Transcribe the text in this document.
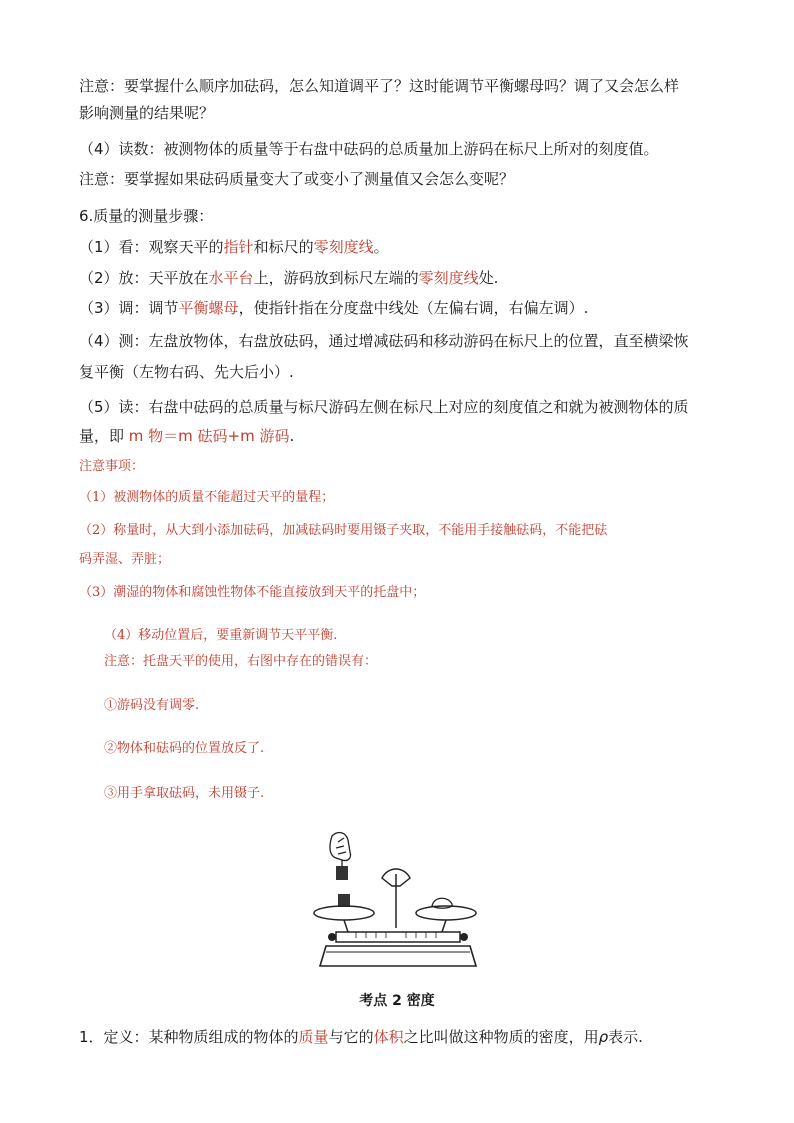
注意：要掌握什么顺序加砝码，怎么知道调平了？这时能调节平衡螺母吗？调了又会怎么样
影响测量的结果呢？
（4）读数：被测物体的质量等于右盘中砝码的总质量加上游码在标尺上所对的刻度值。
注意：要掌握如果砝码质量变大了或变小了测量值又会怎么变呢？
6.质量的测量步骤：
（1）看：观察天平的指针和标尺的零刻度线。
（2）放：天平放在水平台上，游码放到标尺左端的零刻度线处.
（3）调：调节平衡螺母，使指针指在分度盘中线处（左偏右调，右偏左调）.
（4）测：左盘放物体，右盘放砝码，通过增减砝码和移动游码在标尺上的位置，直至横梁恢
复平衡（左物右码、先大后小）.
（5）读：右盘中砝码的总质量与标尺游码左侧在标尺上对应的刻度值之和就为被测物体的质
量，即 m 物＝m 砝码+m 游码.
注意事项：
（1）被测物体的质量不能超过天平的量程；
（2）称量时，从大到小添加砝码，加减砝码时要用镊子夹取，不能用手接触砝码，不能把砝
码弄湿、弄脏；
（3）潮湿的物体和腐蚀性物体不能直接放到天平的托盘中；
（4）移动位置后，要重新调节天平平衡.
注意：托盘天平的使用，右图中存在的错误有：
①游码没有调零.
②物体和砝码的位置放反了.
③用手拿取砝码，未用镊子.
考点 2 密度
1．定义：某种物质组成的物体的质量与它的体积之比叫做这种物质的密度，用ρ表示.
